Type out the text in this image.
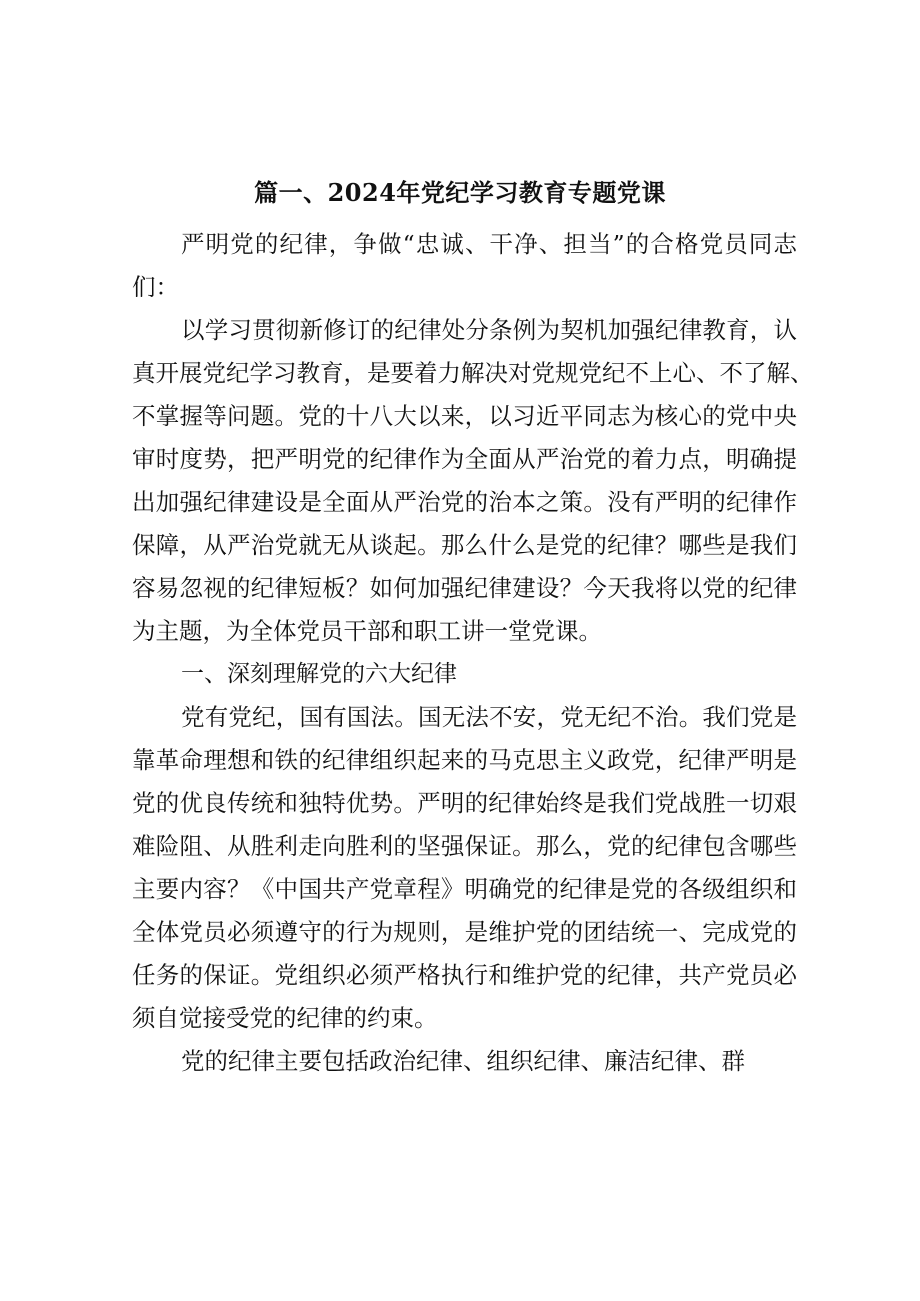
篇一、2024年党纪学习教育专题党课
严明党的纪律，争做“忠诚、干净、担当”的合格党员同志
们：
以学习贯彻新修订的纪律处分条例为契机加强纪律教育，认
真开展党纪学习教育，是要着力解决对党规党纪不上心、不了解、
不掌握等问题。党的十八大以来，以习近平同志为核心的党中央
审时度势，把严明党的纪律作为全面从严治党的着力点，明确提
出加强纪律建设是全面从严治党的治本之策。没有严明的纪律作
保障，从严治党就无从谈起。那么什么是党的纪律？哪些是我们
容易忽视的纪律短板？如何加强纪律建设？今天我将以党的纪律
为主题，为全体党员干部和职工讲一堂党课。
一、深刻理解党的六大纪律
党有党纪，国有国法。国无法不安，党无纪不治。我们党是
靠革命理想和铁的纪律组织起来的马克思主义政党，纪律严明是
党的优良传统和独特优势。严明的纪律始终是我们党战胜一切艰
难险阻、从胜利走向胜利的坚强保证。那么，党的纪律包含哪些
主要内容？《中国共产党章程》明确党的纪律是党的各级组织和
全体党员必须遵守的行为规则，是维护党的团结统一、完成党的
任务的保证。党组织必须严格执行和维护党的纪律，共产党员必
须自觉接受党的纪律的约束。
党的纪律主要包括政治纪律、组织纪律、廉洁纪律、群
